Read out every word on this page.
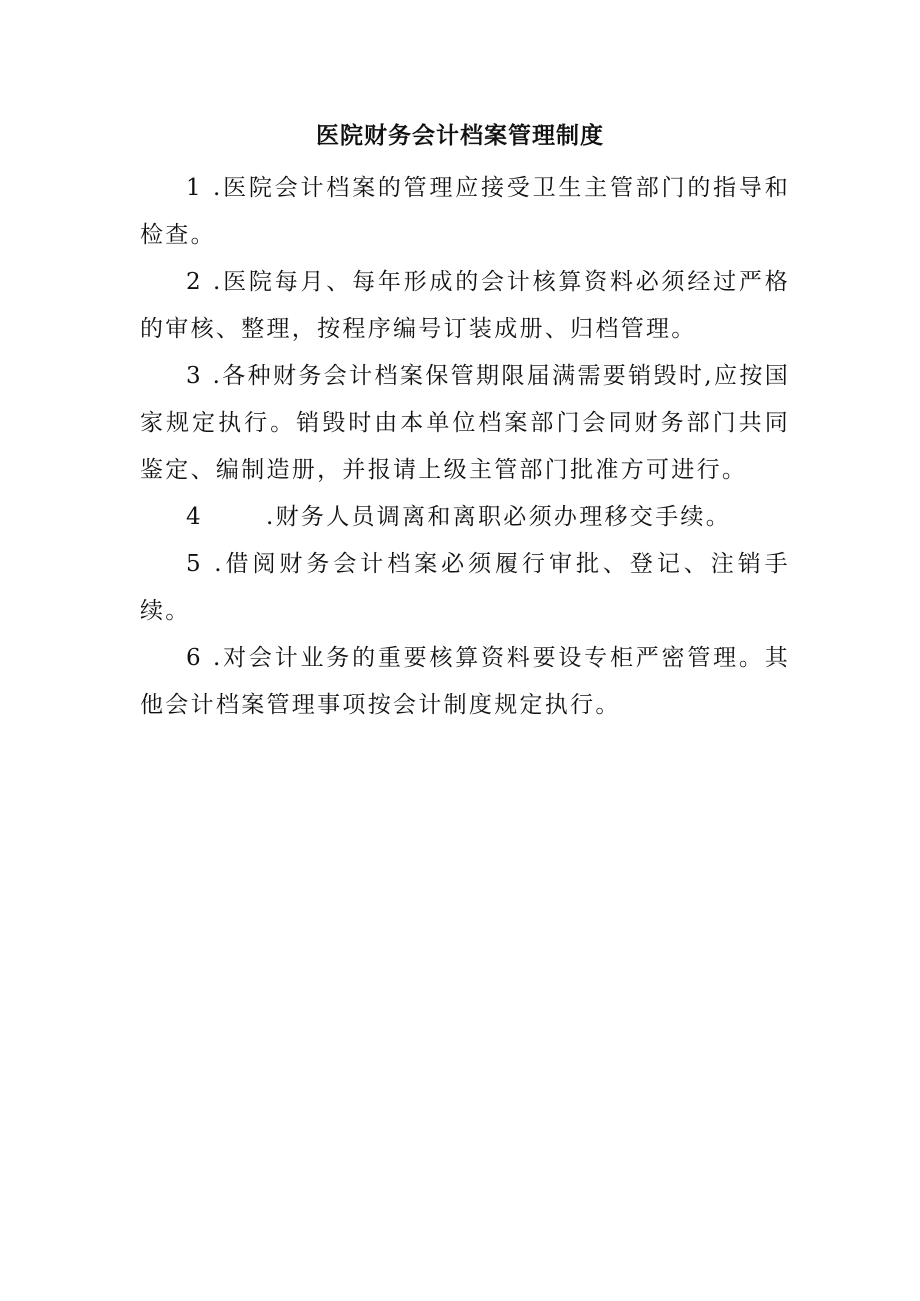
医院财务会计档案管理制度

1 .医院会计档案的管理应接受卫生主管部门的指导和检查。

2 .医院每月、每年形成的会计核算资料必须经过严格的审核、整理，按程序编号订装成册、归档管理。

3 .各种财务会计档案保管期限届满需要销毁时,应按国家规定执行。销毁时由本单位档案部门会同财务部门共同鉴定、编制造册，并报请上级主管部门批准方可进行。

4	.财务人员调离和离职必须办理移交手续。

5 .借阅财务会计档案必须履行审批、登记、注销手续。

6 .对会计业务的重要核算资料要设专柜严密管理。其他会计档案管理事项按会计制度规定执行。
